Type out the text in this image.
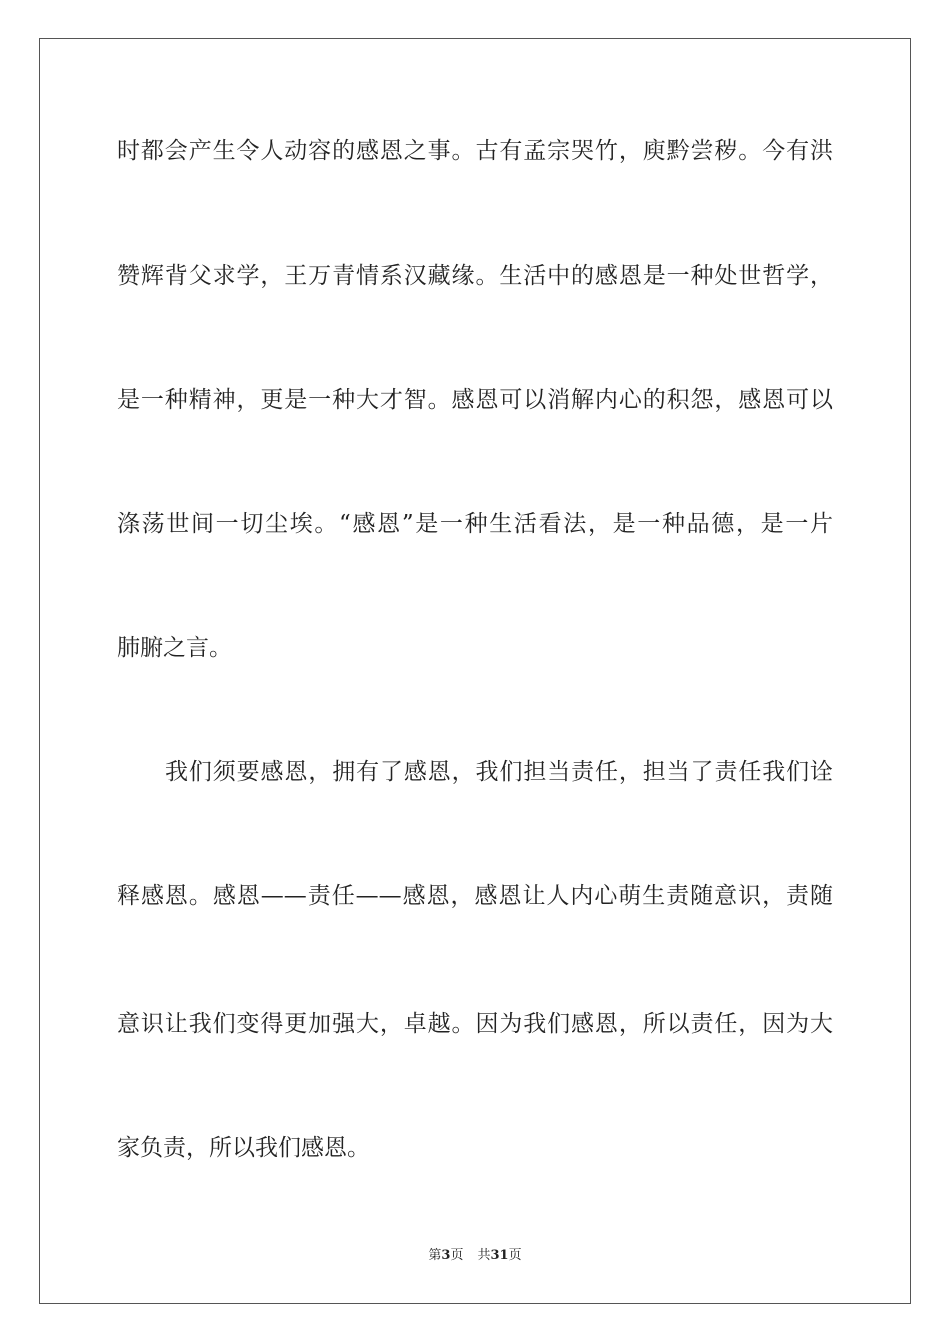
时都会产生令人动容的感恩之事。古有孟宗哭竹，庾黔尝秽。今有洪
赞辉背父求学，王万青情系汉藏缘。生活中的感恩是一种处世哲学，
是一种精神，更是一种大才智。感恩可以消解内心的积怨，感恩可以
涤荡世间一切尘埃。“感恩”是一种生活看法，是一种品德，是一片
肺腑之言。
我们须要感恩，拥有了感恩，我们担当责任，担当了责任我们诠
释感恩。感恩——责任——感恩，感恩让人内心萌生责随意识，责随
意识让我们变得更加强大，卓越。因为我们感恩，所以责任，因为大
家负责，所以我们感恩。
第3页 共31页
